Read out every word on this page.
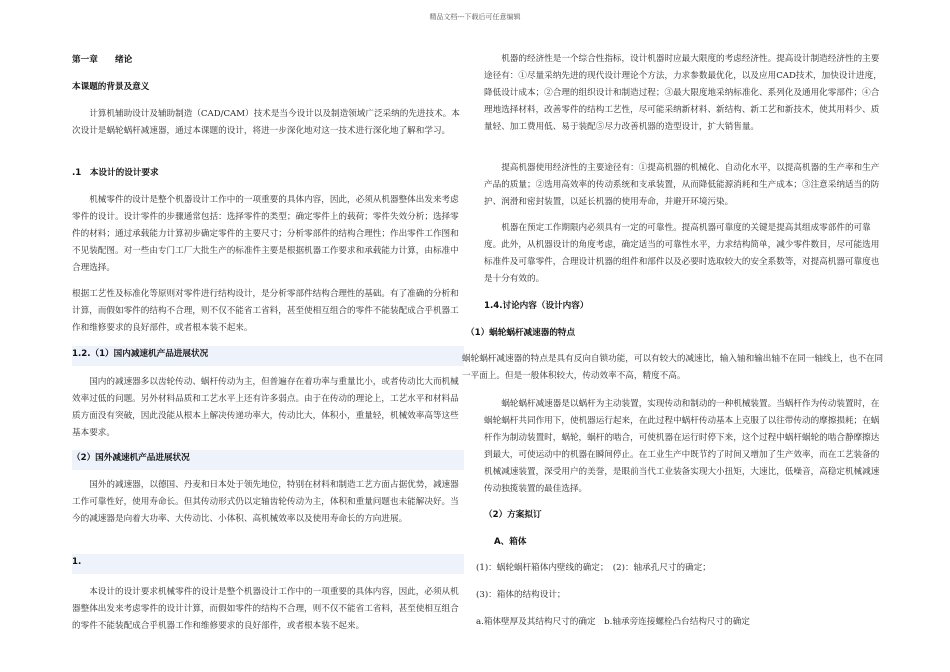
精品文档---下载后可任意编辑
第一章　　绪论
本课题的背景及意义

计算机辅助设计及辅助制造（CAD/CAM）技术是当今设计以及制造领域广泛采纳的先进技术。本次设计是蜗轮蜗杆减速器，通过本课题的设计，将进一步深化地对这一技术进行深化地了解和学习。

.1　本设计的设计要求

机械零件的设计是整个机器设计工作中的一项重要的具体内容，因此，必须从机器整体出发来考虑零件的设计。设计零件的步骤通常包括：选择零件的类型；确定零件上的载荷；零件失效分析；选择零件的材料；通过承载能力计算初步确定零件的主要尺寸；分析零部件的结构合理性；作出零件工作图和不见装配图。对一些由专门工厂大批生产的标准件主要是根据机器工作要求和承载能力计算，由标准中合理选择。

根据工艺性及标准化等原则对零件进行结构设计，是分析零部件结构合理性的基础。有了准确的分析和计算，而假如零件的结构不合理，则不仅不能省工省料，甚至使相互组合的零件不能装配成合乎机器工作和维修要求的良好部件，或者根本装不起来。

1.2.（1）国内减速机产品进展状况

国内的减速器多以齿轮传动、蜗杆传动为主，但普遍存在着功率与重量比小，或者传动比大而机械效率过低的问题。另外材料品质和工艺水平上还有许多弱点。由于在传动的理论上，工艺水平和材料品质方面没有突破，因此没能从根本上解决传递功率大，传动比大，体积小，重量轻，机械效率高等这些基本要求。

（2）国外减速机产品进展状况

国外的减速器，以德国、丹麦和日本处于领先地位，特别在材料和制造工艺方面占据优势，减速器工作可靠性好，使用寿命长。但其传动形式仍以定轴齿轮传动为主，体积和重量问题也未能解决好。当今的减速器是向着大功率、大传动比、小体积、高机械效率以及使用寿命长的方向进展。

1.

本设计的设计要求机械零件的设计是整个机器设计工作中的一项重要的具体内容，因此，必须从机器整体出发来考虑零件的设计计算，而假如零件的结构不合理，则不仅不能省工省料，甚至使相互组合的零件不能装配成合乎机器工作和维修要求的良好部件，或者根本装不起来。

机器的经济性是一个综合性指标，设计机器时应最大限度的考虑经济性。提高设计制造经济性的主要途径有：①尽量采纳先进的现代设计理论个方法，力求参数最优化，以及应用CAD技术，加快设计进度，降低设计成本；②合理的组织设计和制造过程；③最大限度地采纳标准化、系列化及通用化零部件；④合理地选择材料，改善零件的结构工艺性，尽可能采纳新材料、新结构、新工艺和新技术，使其用料少、质量轻、加工费用低、易于装配⑤尽力改善机器的造型设计，扩大销售量。

提高机器使用经济性的主要途径有：①提高机器的机械化、自动化水平，以提高机器的生产率和生产产品的质量；②选用高效率的传动系统和支承装置，从而降低能源消耗和生产成本；③注意采纳适当的防护、润滑和密封装置，以延长机器的使用寿命，并避开环境污染。

机器在预定工作期限内必须具有一定的可靠性。提高机器可靠度的关键是提高其组成零部件的可靠度。此外，从机器设计的角度考虑，确定适当的可靠性水平，力求结构简单，减少零件数目，尽可能选用标准件及可靠零件，合理设计机器的组件和部件以及必要时选取较大的安全系数等，对提高机器可靠度也是十分有效的。

1.4.讨论内容（设计内容）
（1）蜗轮蜗杆减速器的特点

蜗轮蜗杆减速器的特点是具有反向自锁功能，可以有较大的减速比，输入轴和输出轴不在同一轴线上，也不在同一平面上。但是一般体积较大，传动效率不高，精度不高。

蜗轮蜗杆减速器是以蜗杆为主动装置，实现传动和制动的一种机械装置。当蜗杆作为传动装置时，在蜗轮蜗杆共同作用下，使机器运行起来，在此过程中蜗杆传动基本上克服了以往带传动的摩擦损耗；在蜗杆作为制动装置时，蜗轮，蜗杆的啮合，可使机器在运行时停下来，这个过程中蜗杆蜗轮的啮合静摩擦达到最大，可使运动中的机器在瞬间停止。在工业生产中既节约了时间又增加了生产效率，而在工艺装备的机械减速装置，深受用户的美誉，是眼前当代工业装备实现大小扭矩，大速比，低噪音，高稳定机械减速传动独揽装置的最佳选择。

（2）方案拟订
A、箱体
(1)：蜗轮蜗杆箱体内壁线的确定；　(2)：轴承孔尺寸的确定；
(3)：箱体的结构设计；
a.箱体壁厚及其结构尺寸的确定　b.轴承旁连接螺栓凸台结构尺寸的确定
